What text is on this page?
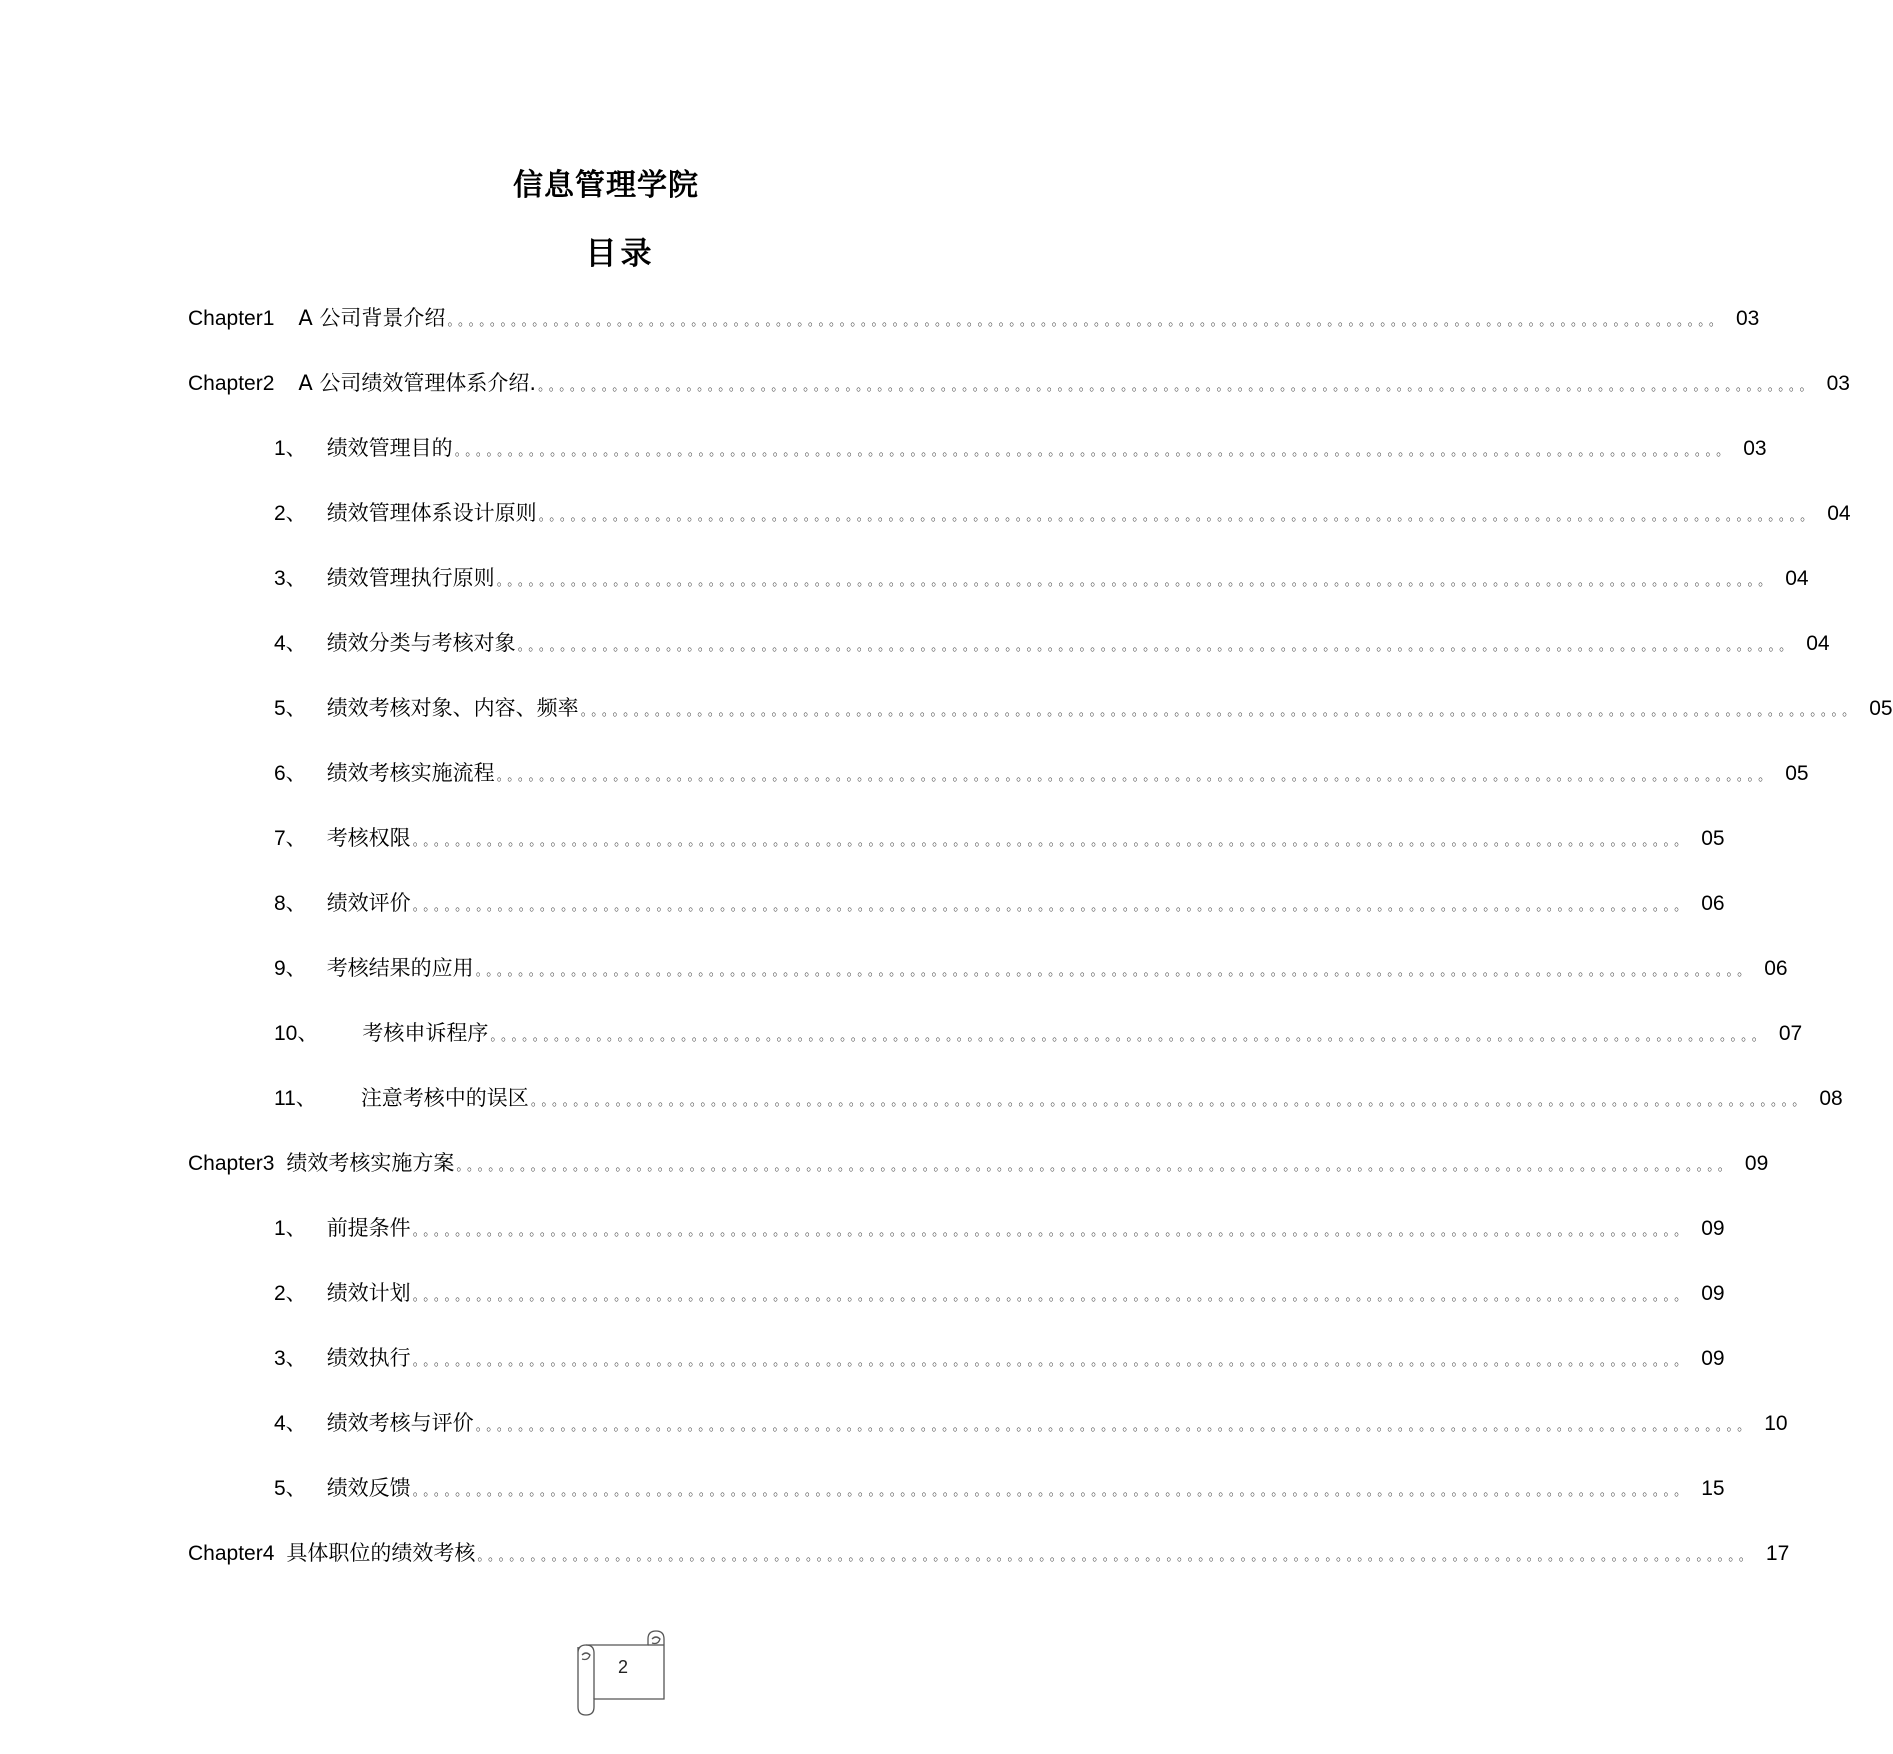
信息管理学院
目录
Chapter1 A 公司背景介绍 。。。。。。。。。。。。。。。。。。。。。。。。。。。。。。。。。。。。。。。。。。。。。。。。。。。。。。。。。。。。。。。。。。。。。。。。。。。。。。。。。。。。。。。。。。。。。。。。。。。。。。。。。。。。。。。。。。。。。。。。 03
Chapter2 A 公司绩效管理体系介绍. 。。。。。。。。。。。。。。。。。。。。。。。。。。。。。。。。。。。。。。。。。。。。。。。。。。。。。。。。。。。。。。。。。。。。。。。。。。。。。。。。。。。。。。。。。。。。。。。。。。。。。。。。。。。。。。。。。。。。。。。。 03
1、 绩效管理目的 。。。。。。。。。。。。。。。。。。。。。。。。。。。。。。。。。。。。。。。。。。。。。。。。。。。。。。。。。。。。。。。。。。。。。。。。。。。。。。。。。。。。。。。。。。。。。。。。。。。。。。。。。。。。。。。。。。。。。。。。 03
2、 绩效管理体系设计原则 。。。。。。。。。。。。。。。。。。。。。。。。。。。。。。。。。。。。。。。。。。。。。。。。。。。。。。。。。。。。。。。。。。。。。。。。。。。。。。。。。。。。。。。。。。。。。。。。。。。。。。。。。。。。。。。。。。。。。。。。 04
3、 绩效管理执行原则 。。。。。。。。。。。。。。。。。。。。。。。。。。。。。。。。。。。。。。。。。。。。。。。。。。。。。。。。。。。。。。。。。。。。。。。。。。。。。。。。。。。。。。。。。。。。。。。。。。。。。。。。。。。。。。。。。。。。。。。。 04
4、 绩效分类与考核对象 。。。。。。。。。。。。。。。。。。。。。。。。。。。。。。。。。。。。。。。。。。。。。。。。。。。。。。。。。。。。。。。。。。。。。。。。。。。。。。。。。。。。。。。。。。。。。。。。。。。。。。。。。。。。。。。。。。。。。。。。 04
5、 绩效考核对象、内容、频率 。。。。。。。。。。。。。。。。。。。。。。。。。。。。。。。。。。。。。。。。。。。。。。。。。。。。。。。。。。。。。。。。。。。。。。。。。。。。。。。。。。。。。。。。。。。。。。。。。。。。。。。。。。。。。。。。。。。。。。。。 05
6、 绩效考核实施流程 。。。。。。。。。。。。。。。。。。。。。。。。。。。。。。。。。。。。。。。。。。。。。。。。。。。。。。。。。。。。。。。。。。。。。。。。。。。。。。。。。。。。。。。。。。。。。。。。。。。。。。。。。。。。。。。。。。。。。。。。 05
7、 考核权限 。。。。。。。。。。。。。。。。。。。。。。。。。。。。。。。。。。。。。。。。。。。。。。。。。。。。。。。。。。。。。。。。。。。。。。。。。。。。。。。。。。。。。。。。。。。。。。。。。。。。。。。。。。。。。。。。。。。。。。。。 05
8、 绩效评价 。。。。。。。。。。。。。。。。。。。。。。。。。。。。。。。。。。。。。。。。。。。。。。。。。。。。。。。。。。。。。。。。。。。。。。。。。。。。。。。。。。。。。。。。。。。。。。。。。。。。。。。。。。。。。。。。。。。。。。。。 06
9、 考核结果的应用 。。。。。。。。。。。。。。。。。。。。。。。。。。。。。。。。。。。。。。。。。。。。。。。。。。。。。。。。。。。。。。。。。。。。。。。。。。。。。。。。。。。。。。。。。。。。。。。。。。。。。。。。。。。。。。。。。。。。。。。。 06
10、 考核申诉程序 。。。。。。。。。。。。。。。。。。。。。。。。。。。。。。。。。。。。。。。。。。。。。。。。。。。。。。。。。。。。。。。。。。。。。。。。。。。。。。。。。。。。。。。。。。。。。。。。。。。。。。。。。。。。。。。。。。。。。。。。 07
11、 注意考核中的误区 。。。。。。。。。。。。。。。。。。。。。。。。。。。。。。。。。。。。。。。。。。。。。。。。。。。。。。。。。。。。。。。。。。。。。。。。。。。。。。。。。。。。。。。。。。。。。。。。。。。。。。。。。。。。。。。。。。。。。。。。 08
Chapter3 绩效考核实施方案 。。。。。。。。。。。。。。。。。。。。。。。。。。。。。。。。。。。。。。。。。。。。。。。。。。。。。。。。。。。。。。。。。。。。。。。。。。。。。。。。。。。。。。。。。。。。。。。。。。。。。。。。。。。。。。。。。。。。。。。。 09
1、 前提条件 。。。。。。。。。。。。。。。。。。。。。。。。。。。。。。。。。。。。。。。。。。。。。。。。。。。。。。。。。。。。。。。。。。。。。。。。。。。。。。。。。。。。。。。。。。。。。。。。。。。。。。。。。。。。。。。。。。。。。。。。 09
2、 绩效计划 。。。。。。。。。。。。。。。。。。。。。。。。。。。。。。。。。。。。。。。。。。。。。。。。。。。。。。。。。。。。。。。。。。。。。。。。。。。。。。。。。。。。。。。。。。。。。。。。。。。。。。。。。。。。。。。。。。。。。。。。 09
3、 绩效执行 。。。。。。。。。。。。。。。。。。。。。。。。。。。。。。。。。。。。。。。。。。。。。。。。。。。。。。。。。。。。。。。。。。。。。。。。。。。。。。。。。。。。。。。。。。。。。。。。。。。。。。。。。。。。。。。。。。。。。。。。 09
4、 绩效考核与评价 。。。。。。。。。。。。。。。。。。。。。。。。。。。。。。。。。。。。。。。。。。。。。。。。。。。。。。。。。。。。。。。。。。。。。。。。。。。。。。。。。。。。。。。。。。。。。。。。。。。。。。。。。。。。。。。。。。。。。。。。 10
5、 绩效反馈 。。。。。。。。。。。。。。。。。。。。。。。。。。。。。。。。。。。。。。。。。。。。。。。。。。。。。。。。。。。。。。。。。。。。。。。。。。。。。。。。。。。。。。。。。。。。。。。。。。。。。。。。。。。。。。。。。。。。。。。。 15
Chapter4 具体职位的绩效考核 。。。。。。。。。。。。。。。。。。。。。。。。。。。。。。。。。。。。。。。。。。。。。。。。。。。。。。。。。。。。。。。。。。。。。。。。。。。。。。。。。。。。。。。。。。。。。。。。。。。。。。。。。。。。。。。。。。。。。。。。 17
2
